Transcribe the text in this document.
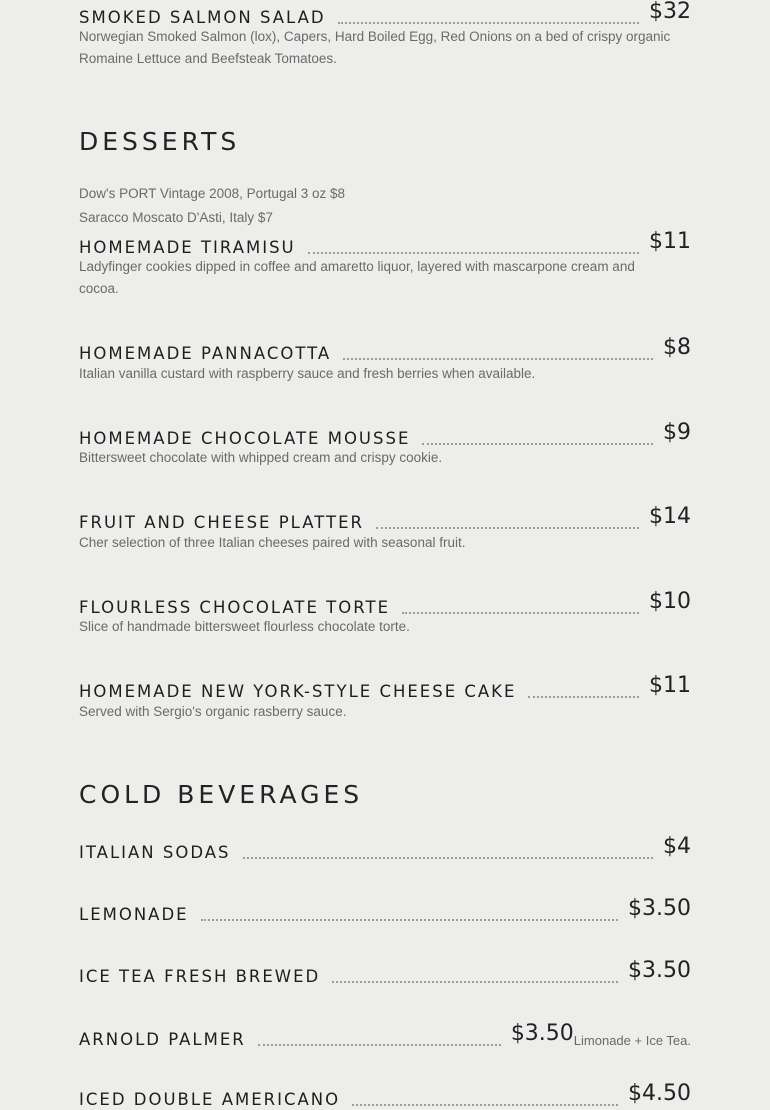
SMOKED SALMON SALAD	$32
Norwegian Smoked Salmon (lox), Capers, Hard Boiled Egg, Red Onions on a bed of crispy organic Romaine Lettuce and Beefsteak Tomatoes.
DESSERTS
Dow's PORT Vintage 2008, Portugal 3 oz $8
Saracco Moscato D'Asti, Italy $7
HOMEMADE TIRAMISU	$11
Ladyfinger cookies dipped in coffee and amaretto liquor, layered with mascarpone cream and cocoa.
HOMEMADE PANNACOTTA	$8
Italian vanilla custard with raspberry sauce and fresh berries when available.
HOMEMADE CHOCOLATE MOUSSE	$9
Bittersweet chocolate with whipped cream and crispy cookie.
FRUIT AND CHEESE PLATTER	$14
Cher selection of three Italian cheeses paired with seasonal fruit.
FLOURLESS CHOCOLATE TORTE	$10
Slice of handmade bittersweet flourless chocolate torte.
HOMEMADE NEW YORK-STYLE CHEESE CAKE	$11
Served with Sergio's organic rasberry sauce.
COLD BEVERAGES
ITALIAN SODAS	$4
LEMONADE	$3.50
ICE TEA FRESH BREWED	$3.50
ARNOLD PALMER	$3.50 Limonade + Ice Tea.
ICED DOUBLE AMERICANO	$4.50
